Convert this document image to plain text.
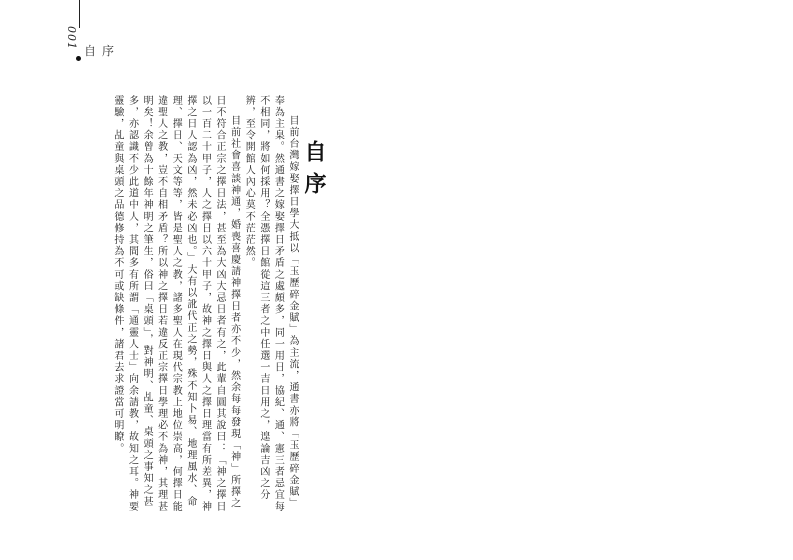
001
自序
自序

目前台灣嫁娶擇日學大抵以「玉歷碎金賦」為主流，通書亦將「玉歷碎金賦」奉為主臬。然通書之嫁娶擇日矛盾之處頗多，同一用日，協紀、通、憲三者忌宜每不相同，將如何採用？全憑擇日館從這三者之中任選一吉日用之，遑論吉凶之分辨，至令開館人內心莫不茫茫然。

目前社會喜談神通，婚喪喜慶請神擇日者亦不少，然余每每發現「神」所擇之日不符合正宗之擇日法，甚至為大凶大忌日者有之，此輩自圓其說曰：「神之擇日以一百二十甲子，人之擇日以六十甲子，故神之擇日與人之擇日理當有所差異，神擇之日人認為凶，然未必凶也。」大有以訛代正之勢，殊不知卜易、地理風水、命理、擇日、天文等等，皆是聖人之教，諸多聖人在現代宗教上地位崇高，何擇日能違聖人之教，豈不自相矛盾？所以神之擇日若違反正宗擇日學理必不為神，其理甚明矣！余曾為十餘年神明之筆生，俗曰「桌頭」，對神明、乩童、桌頭之事知之甚多，亦認識不少此道中人，其間多有所謂「通靈人士」向余請教，故知之耳。神要靈驗，乩童與桌頭之品德修持為不可或缺條件，諸君去求證當可明瞭。
